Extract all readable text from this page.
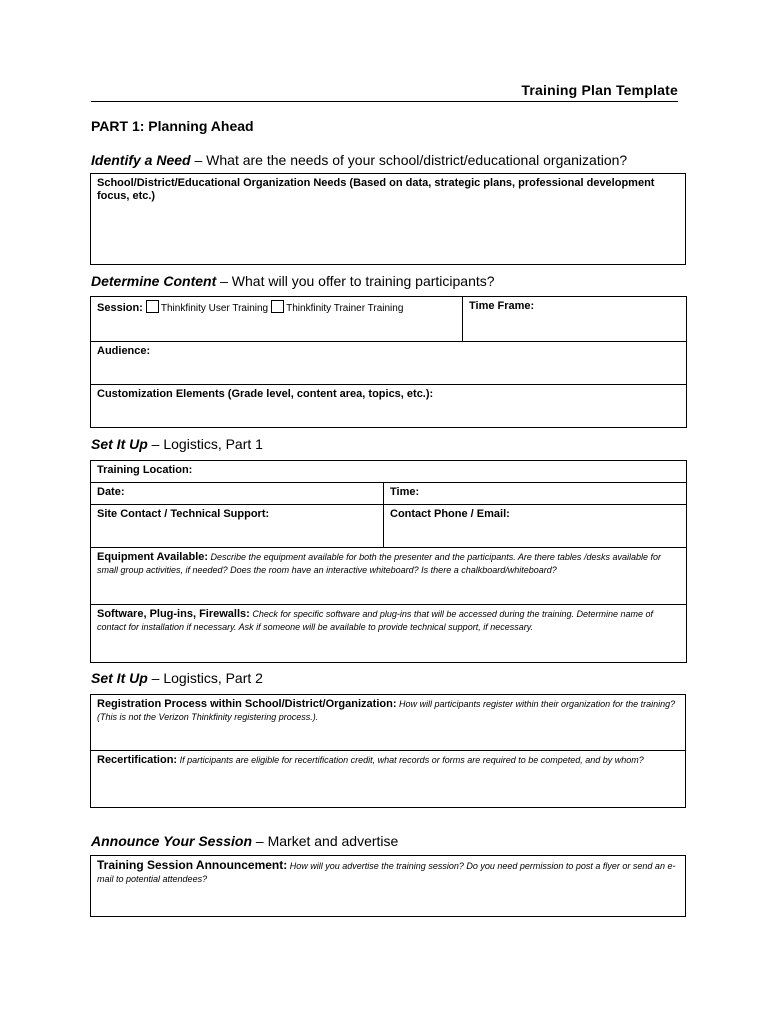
Training Plan Template
PART 1: Planning Ahead
Identify a Need – What are the needs of your school/district/educational organization?
School/District/Educational Organization Needs (Based on data, strategic plans, professional development focus, etc.)
Determine Content – What will you offer to training participants?
Session: Thinkfinity User Training Thinkfinity Trainer Training	Time Frame:
Audience:
Customization Elements (Grade level, content area, topics, etc.):
Set It Up – Logistics, Part 1
Training Location:	
Date:	Time:
Site Contact / Technical Support:	Contact Phone / Email:
Equipment Available: Describe the equipment available for both the presenter and the participants. Are there tables /desks available for small group activities, if needed? Does the room have an interactive whiteboard? Is there a chalkboard/whiteboard?	
Software, Plug-ins, Firewalls: Check for specific software and plug-ins that will be accessed during the training. Determine name of contact for installation if necessary. Ask if someone will be available to provide technical support, if necessary.	
Set It Up – Logistics, Part 2
Registration Process within School/District/Organization: How will participants register within their organization for the training? (This is not the Verizon Thinkfinity registering process.).
Recertification: If participants are eligible for recertification credit, what records or forms are required to be competed, and by whom?
Announce Your Session – Market and advertise
Training Session Announcement: How will you advertise the training session? Do you need permission to post a flyer or send an e-mail to potential attendees?
